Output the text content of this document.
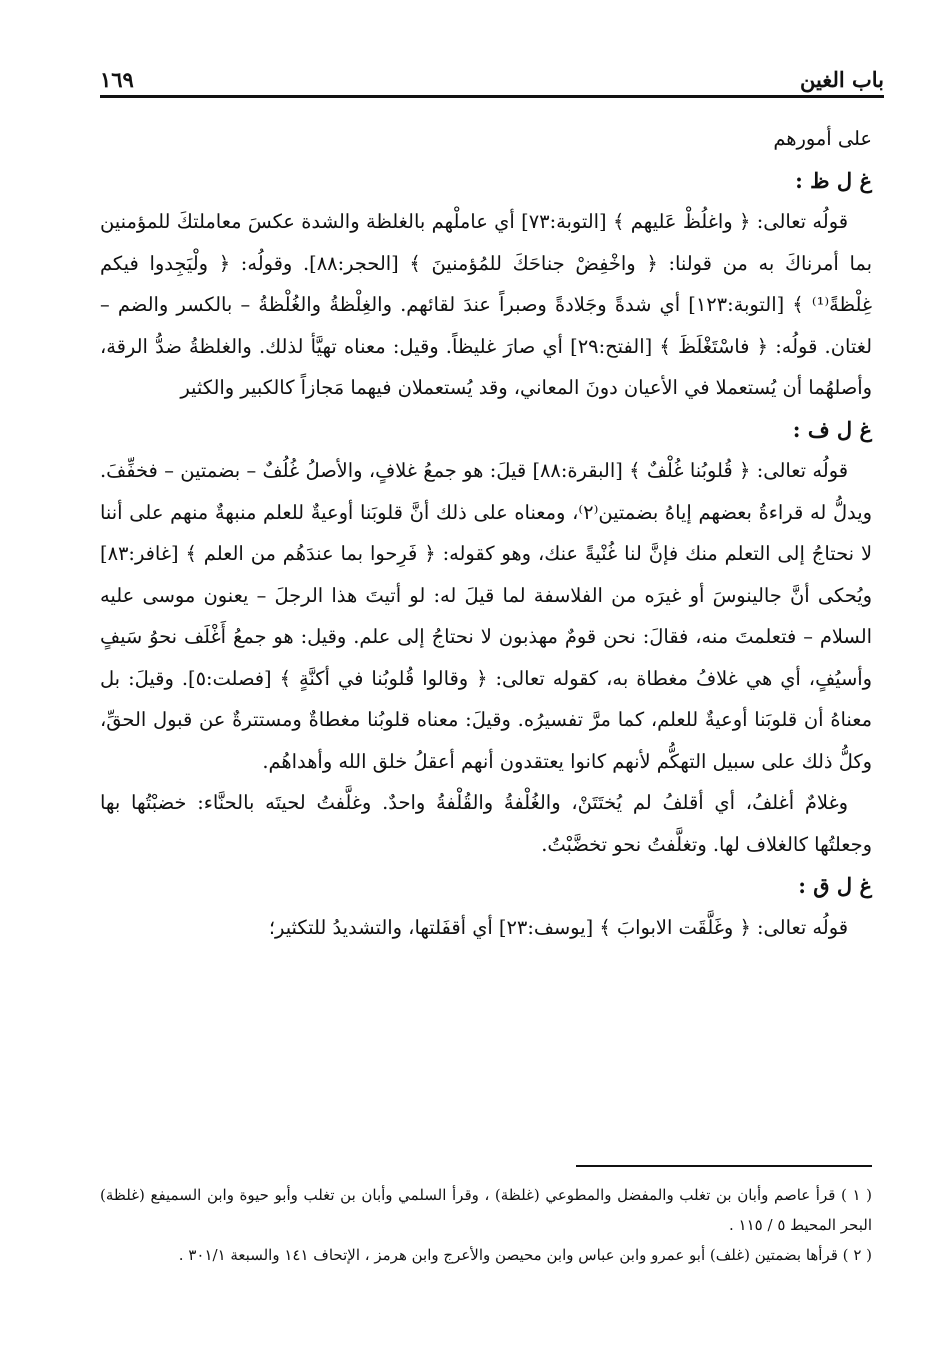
باب الغين
١٦٩

على أمورهم

غ ل ظ :

قولُه تعالى: ﴿ واغلُظْ عَليهم ﴾ [التوبة:٧٣] أي عاملْهم بالغلظة والشدة عكسَ معاملتكَ للمؤمنين بما أمرناكَ به من قولنا: ﴿ واخْفِضْ جناحَكَ للمُؤمنينَ ﴾ [الحجر:٨٨]. وقولُه: ﴿ ولْيَجِدوا فيكم غِلْظةً⁽¹⁾ ﴾ [التوبة:١٢٣] أي شدةً وجَلادةً وصبراً عندَ لقائهم. والغِلْظةُ والغُلْظةُ – بالكسر والضم – لغتان. قولُه: ﴿ فاسْتَغْلَظَ ﴾ [الفتح:٢٩] أي صارَ غليظاً. وقيل: معناه تهيَّأ لذلك. والغلظةُ ضدُّ الرقة، وأصلهُما أن يُستعملا في الأعيان دونَ المعاني، وقد يُستعملان فيهما مَجازاً كالكبير والكثير

غ ل ف :

قولُه تعالى: ﴿ قُلوبُنا غُلْفٌ ﴾ [البقرة:٨٨] قيلَ: هو جمعُ غلافٍ، والأصلُ غُلُفٌ – بضمتين – فخفِّفَ. ويدلُّ له قراءةُ بعضهم إياهُ بضمتين⁽٢⁾، ومعناه على ذلك أنَّ قلوبَنا أوعيةٌ للعلم منبهةٌ منهم على أننا لا نحتاجُ إلى التعلم منك فإنَّ لنا غُنْيةً عنك، وهو كقوله: ﴿ فَرِحوا بما عندَهُم من العلم ﴾ [غافر:٨٣] ويُحكى أنَّ جالينوسَ أو غيرَه من الفلاسفة لما قيلَ له: لو أتيتَ هذا الرجلَ – يعنون موسى عليه السلام – فتعلمتَ منه، فقالَ: نحن قومٌ مهذبون لا نحتاجُ إلى علم. وقيل: هو جمعُ أَغْلَف نحوُ سَيفٍ وأسيُفٍ، أي هي غلافُ مغطاة به، كقوله تعالى: ﴿ وقالوا قُلوبُنا في أكنَّةٍ ﴾ [فصلت:٥]. وقيلَ: بل معناهُ أن قلوبَنا أوعيةٌ للعلم، كما مرَّ تفسيرُه. وقيلَ: معناه قلوبُنا مغطاةٌ ومستترةٌ عن قبول الحقِّ، وكلُّ ذلك على سبيل التهكُّم لأنهم كانوا يعتقدون أنهم أعقلُ خلق الله وأهداهُم.

وغلامٌ أغلفُ، أي أقلفُ لم يُختَتَنْ، والغُلْفةُ والقُلْفةُ واحدٌ. وغلَّفتُ لحيتَه بالحنَّاء: خضبْتُها بها وجعلتُها كالغلاف لها. وتغلَّفتُ نحو تخضَّبْتُ.

غ ل ق :

قولُه تعالى: ﴿ وغَلَّقَت الابوابَ ﴾ [يوسف:٢٣] أي أقفَلتها، والتشديدُ للتكثير؛

( ١ ) قرأ عاصم وأبان بن تغلب والمفضل والمطوعي (غلظة) ، وقرأ السلمي وأبان بن تغلب وأبو حيوة وابن السميفع (غلظة) البحر المحيط ٥ / ١١٥ .

( ٢ ) قرأها بضمتين (غلف) أبو عمرو وابن عباس وابن محيصن والأعرج وابن هرمز ، الإتحاف ١٤١ والسبعة ٣٠١/١ .
